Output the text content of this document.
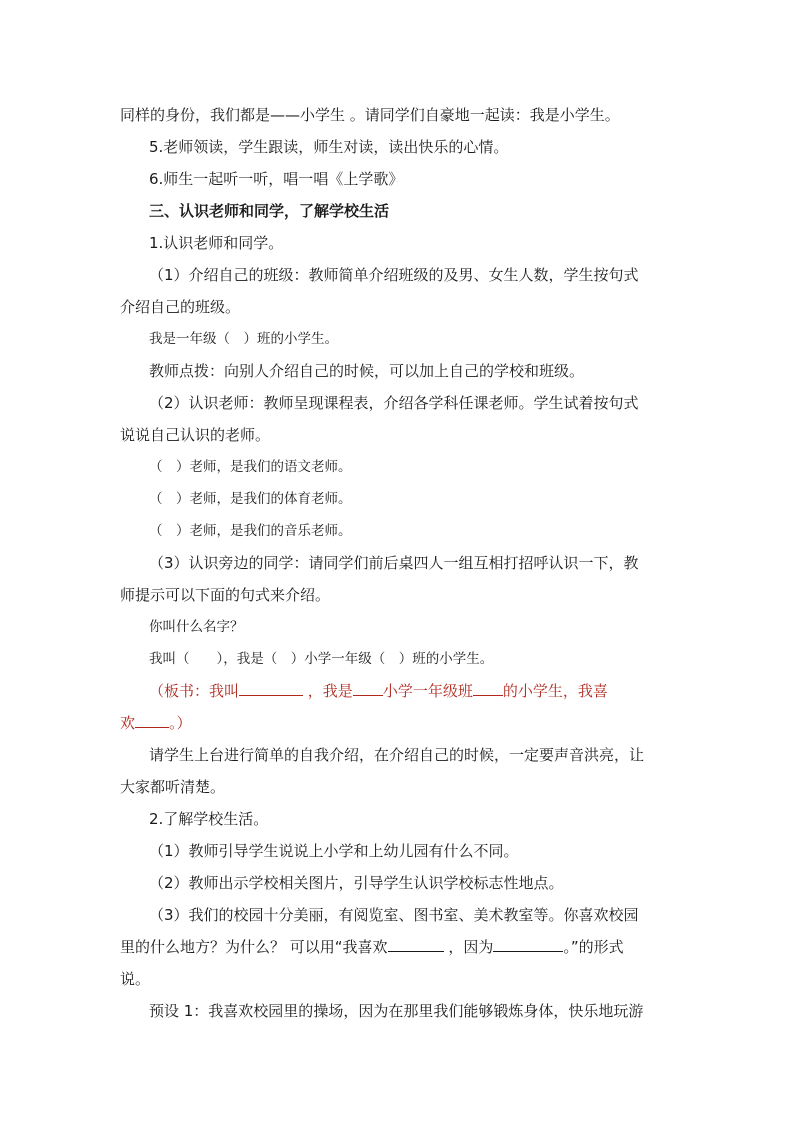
同样的身份，我们都是——小学生 。请同学们自豪地一起读：我是小学生。

5.老师领读，学生跟读，师生对读，读出快乐的心情。

6.师生一起听一听，唱一唱《上学歌》

三、认识老师和同学，了解学校生活

1.认识老师和同学。

（1）介绍自己的班级：教师简单介绍班级的及男、女生人数，学生按句式

介绍自己的班级。

我是一年级（　）班的小学生。

教师点拨：向别人介绍自己的时候，可以加上自己的学校和班级。

（2）认识老师：教师呈现课程表，介绍各学科任课老师。学生试着按句式

说说自己认识的老师。

（　）老师，是我们的语文老师。

（　）老师，是我们的体育老师。

（　）老师，是我们的音乐老师。

（3）认识旁边的同学：请同学们前后桌四人一组互相打招呼认识一下，教

师提示可以下面的句式来介绍。

你叫什么名字？

我叫（　　），我是（　）小学一年级（　）班的小学生。

（板书：我叫	，我是 小学一年级班 的小学生，我喜

欢 。）

请学生上台进行简单的自我介绍，在介绍自己的时候，一定要声音洪亮，让

大家都听清楚。

2.了解学校生活。

（1）教师引导学生说说上小学和上幼儿园有什么不同。

（2）教师出示学校相关图片，引导学生认识学校标志性地点。

（3）我们的校园十分美丽，有阅览室、图书室、美术教室等。你喜欢校园

里的什么地方？为什么？ 可以用“我喜欢	，因为	。”的形式

说。

预设 1：我喜欢校园里的操场，因为在那里我们能够锻炼身体，快乐地玩游
